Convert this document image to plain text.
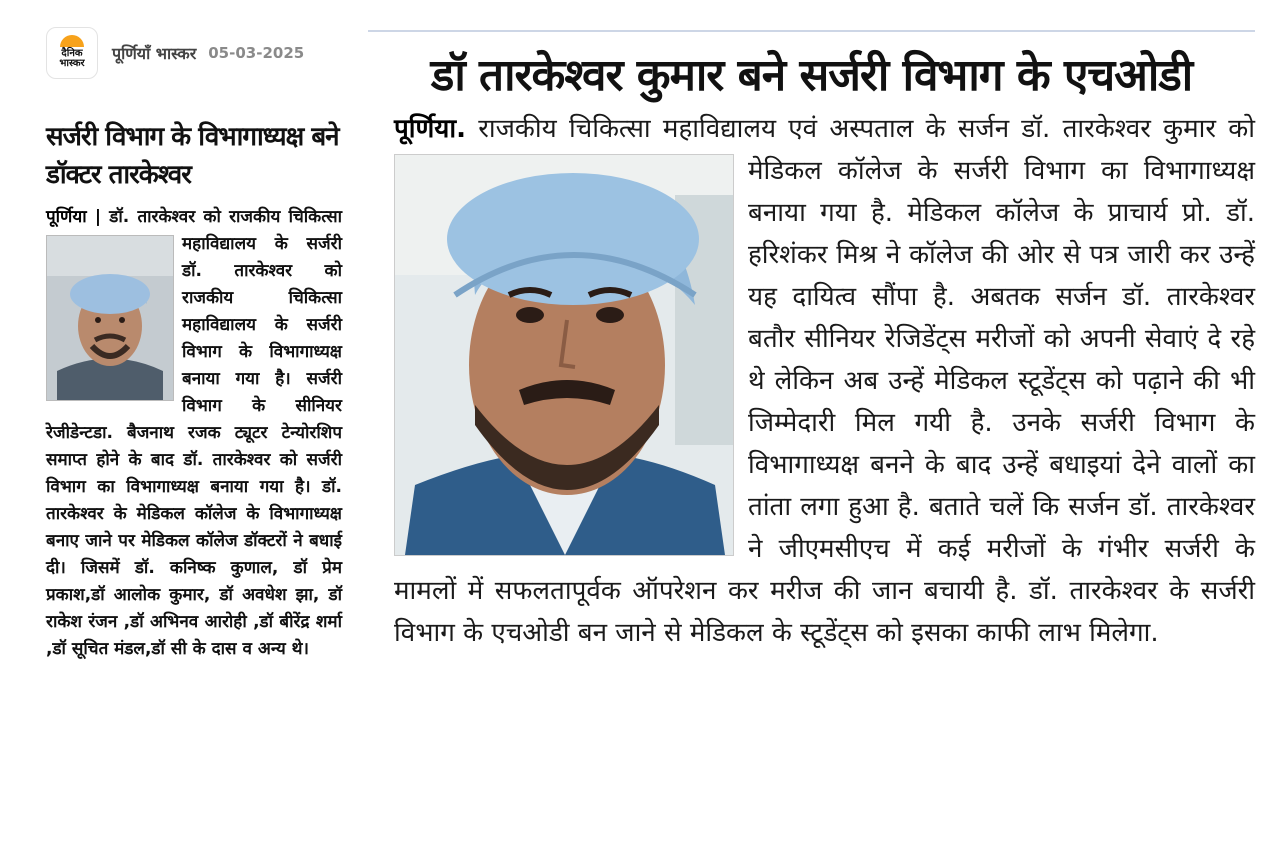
दैनिक भास्कर
पूर्णियाँ भास्कर 05-03-2025
सर्जरी विभाग के विभागाध्यक्ष बने डॉक्टर तारकेश्वर
पूर्णिया | डॉ. तारकेश्वर को राजकीय चिकित्सा महाविद्यालय के सर्जरी
डॉ. तारकेश्वर को राजकीय चिकित्सा महाविद्यालय के सर्जरी विभाग के विभागाध्यक्ष बनाया गया है। सर्जरी विभाग के सीनियर रेजीडेन्टडा. बैजनाथ रजक ट्यूटर टेन्योरशिप समाप्त होने के बाद डॉ. तारकेश्वर को सर्जरी विभाग का विभागाध्यक्ष बनाया गया है। डॉ. तारकेश्वर के मेडिकल कॉलेज के विभागाध्यक्ष बनाए जाने पर मेडिकल कॉलेज डॉक्टरों ने बधाई दी। जिसमें डॉ. कनिष्क कुणाल, डॉ प्रेम प्रकाश,डॉ आलोक कुमार, डॉ अवधेश झा, डॉ राकेश रंजन ,डॉ अभिनव आरोही ,डॉ बीरेंद्र शर्मा ,डॉ सूचित मंडल,डॉ सी के दास व अन्य थे।
डॉ तारकेश्वर कुमार बने सर्जरी विभाग के एचओडी
पूर्णिया. राजकीय चिकित्सा महाविद्यालय एवं अस्पताल के सर्जन डॉ. तारकेश्वर कुमार को मेडिकल कॉलेज के सर्जरी विभाग का विभागाध्यक्ष बनाया गया है. मेडिकल कॉलेज के प्राचार्य प्रो. डॉ. हरिशंकर मिश्र ने कॉलेज की ओर से पत्र जारी कर उन्हें यह दायित्व सौंपा है. अबतक सर्जन डॉ. तारकेश्वर बतौर सीनियर रेजिडेंट्स मरीजों को अपनी सेवाएं दे रहे थे लेकिन अब उन्हें मेडिकल स्टूडेंट्स को पढ़ाने की भी जिम्मेदारी मिल गयी है. उनके सर्जरी विभाग के विभागाध्यक्ष बनने के बाद उन्हें बधाइयां देने वालों का तांता लगा हुआ है. बताते चलें कि सर्जन डॉ. तारकेश्वर ने जीएमसीएच में कई मरीजों के गंभीर सर्जरी के मामलों में सफलतापूर्वक ऑपरेशन कर मरीज की जान बचायी है. डॉ. तारकेश्वर के सर्जरी विभाग के एचओडी बन जाने से मेडिकल के स्टूडेंट्स को इसका काफी लाभ मिलेगा.
